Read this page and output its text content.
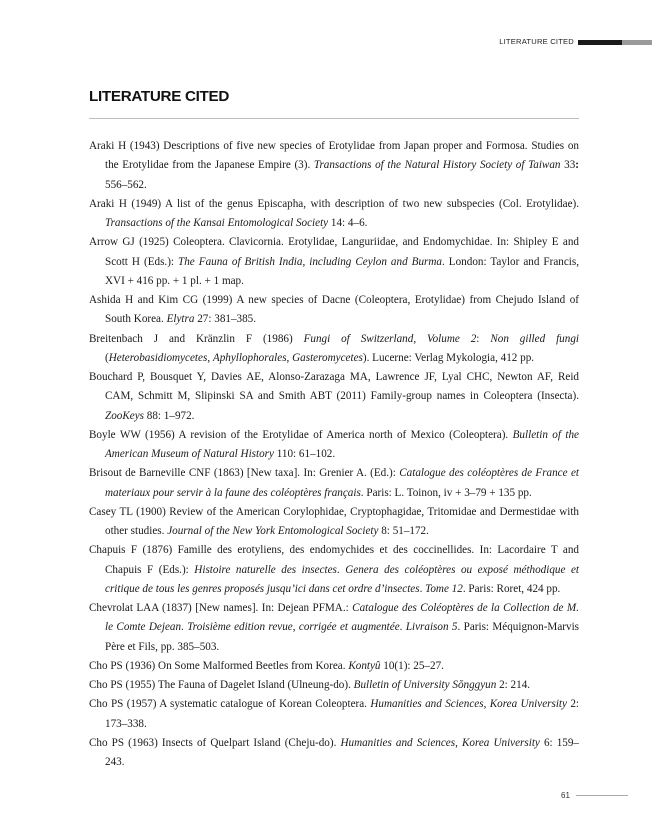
LITERATURE CITED
LITERATURE CITED
Araki H (1943) Descriptions of five new species of Erotylidae from Japan proper and Formosa. Studies on the Erotylidae from the Japanese Empire (3). Transactions of the Natural History Society of Taiwan 33: 556–562.
Araki H (1949) A list of the genus Episcapha, with description of two new subspecies (Col. Erotylidae). Transactions of the Kansai Entomological Society 14: 4–6.
Arrow GJ (1925) Coleoptera. Clavicornia. Erotylidae, Languriidae, and Endomychidae. In: Shipley E and Scott H (Eds.): The Fauna of British India, including Ceylon and Burma. London: Taylor and Francis, XVI + 416 pp. + 1 pl. + 1 map.
Ashida H and Kim CG (1999) A new species of Dacne (Coleoptera, Erotylidae) from Chejudo Island of South Korea. Elytra 27: 381–385.
Breitenbach J and Kränzlin F (1986) Fungi of Switzerland, Volume 2: Non gilled fungi (Heterobasidiomycetes, Aphyllophorales, Gasteromycetes). Lucerne: Verlag Mykologia, 412 pp.
Bouchard P, Bousquet Y, Davies AE, Alonso-Zarazaga MA, Lawrence JF, Lyal CHC, Newton AF, Reid CAM, Schmitt M, Slipinski SA and Smith ABT (2011) Family-group names in Coleoptera (Insecta). ZooKeys 88: 1–972.
Boyle WW (1956) A revision of the Erotylidae of America north of Mexico (Coleoptera). Bulletin of the American Museum of Natural History 110: 61–102.
Brisout de Barneville CNF (1863) [New taxa]. In: Grenier A. (Ed.): Catalogue des coléoptères de France et materiaux pour servir à la faune des coléoptères français. Paris: L. Toinon, iv + 3–79 + 135 pp.
Casey TL (1900) Review of the American Corylophidae, Cryptophagidae, Tritomidae and Dermestidae with other studies. Journal of the New York Entomological Society 8: 51–172.
Chapuis F (1876) Famille des erotyliens, des endomychides et des coccinellides. In: Lacordaire T and Chapuis F (Eds.): Histoire naturelle des insectes. Genera des coléoptères ou exposé méthodique et critique de tous les genres proposés jusqu’ici dans cet ordre d’insectes. Tome 12. Paris: Roret, 424 pp.
Chevrolat LAA (1837) [New names]. In: Dejean PFMA.: Catalogue des Coléoptères de la Collection de M. le Comte Dejean. Troisième edition revue, corrigée et augmentée. Livraison 5. Paris: Méquignon-Marvis Père et Fils, pp. 385–503.
Cho PS (1936) On Some Malformed Beetles from Korea. Kontyû 10(1): 25–27.
Cho PS (1955) The Fauna of Dagelet Island (Ulneung-do). Bulletin of University Sŏnggyun 2: 214.
Cho PS (1957) A systematic catalogue of Korean Coleoptera. Humanities and Sciences, Korea University 2: 173–338.
Cho PS (1963) Insects of Quelpart Island (Cheju-do). Humanities and Sciences, Korea University 6: 159–243.
61
